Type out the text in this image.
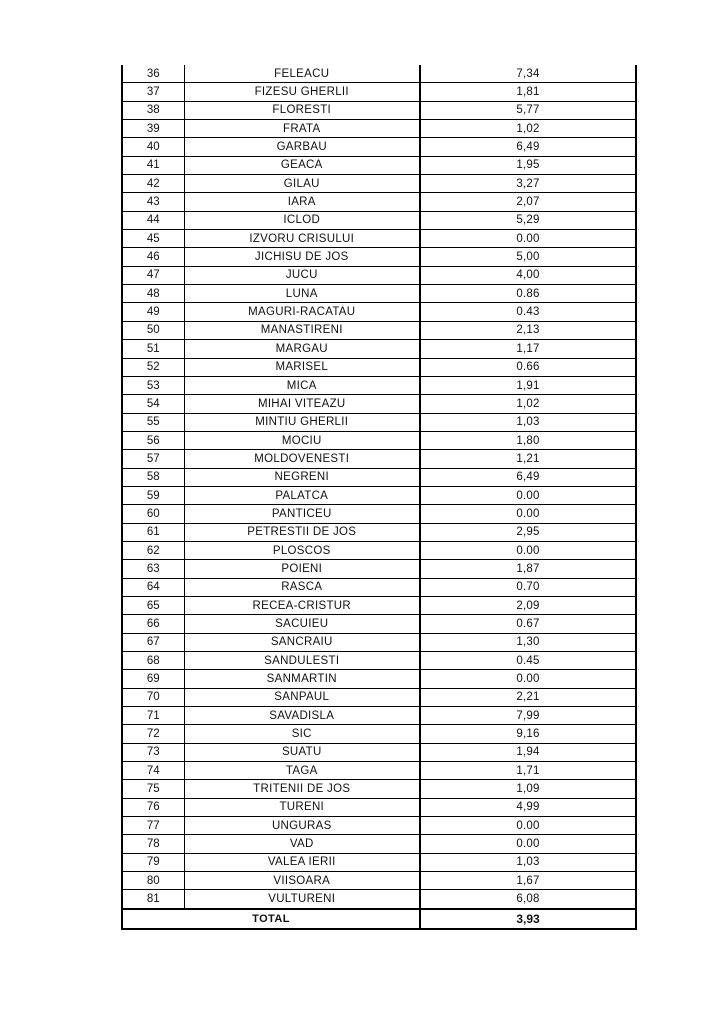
36	FELEACU	7,34
37	FIZESU GHERLII	1,81
38	FLORESTI	5,77
39	FRATA	1,02
40	GARBAU	6,49
41	GEACA	1,95
42	GILAU	3,27
43	IARA	2,07
44	ICLOD	5,29
45	IZVORU CRISULUI	0.00
46	JICHISU DE JOS	5,00
47	JUCU	4,00
48	LUNA	0.86
49	MAGURI-RACATAU	0.43
50	MANASTIRENI	2,13
51	MARGAU	1,17
52	MARISEL	0.66
53	MICA	1,91
54	MIHAI VITEAZU	1,02
55	MINTIU GHERLII	1,03
56	MOCIU	1,80
57	MOLDOVENESTI	1,21
58	NEGRENI	6,49
59	PALATCA	0.00
60	PANTICEU	0.00
61	PETRESTII DE JOS	2,95
62	PLOSCOS	0.00
63	POIENI	1,87
64	RASCA	0.70
65	RECEA-CRISTUR	2,09
66	SACUIEU	0.67
67	SANCRAIU	1,30
68	SANDULESTI	0.45
69	SANMARTIN	0.00
70	SANPAUL	2,21
71	SAVADISLA	7,99
72	SIC	9,16
73	SUATU	1,94
74	TAGA	1,71
75	TRITENII DE JOS	1,09
76	TURENI	4,99
77	UNGURAS	0.00
78	VAD	0.00
79	VALEA IERII	1,03
80	VIISOARA	1,67
81	VULTURENI	6,08
TOTAL		3,93
